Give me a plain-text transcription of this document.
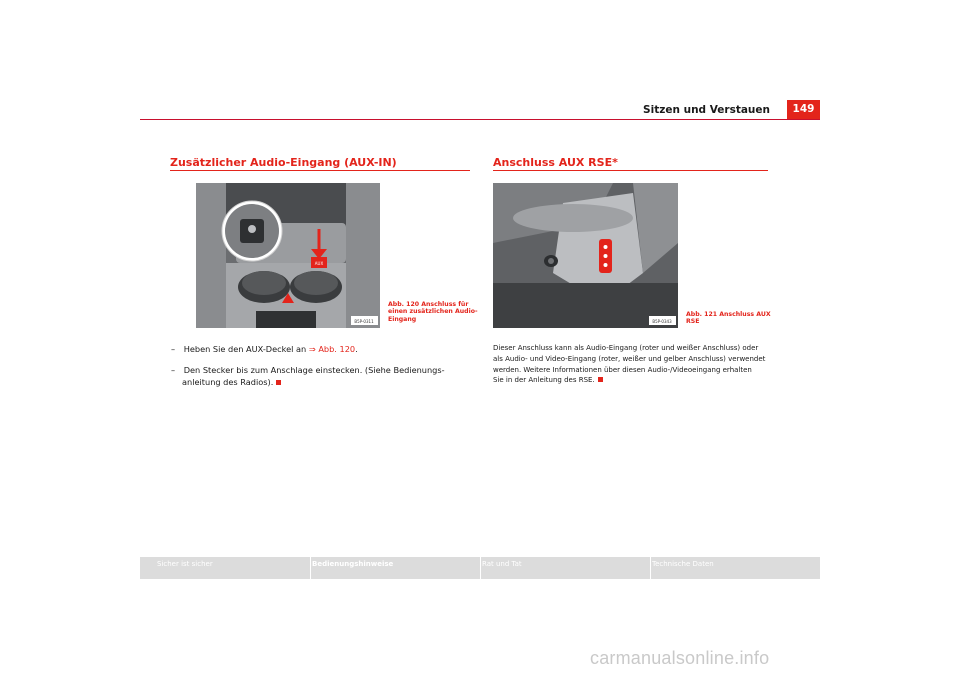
Sitzen und Verstauen	149
Zusätzlicher Audio-Eingang (AUX-IN)
AUX
B5P-0311
Abb. 120 Anschluss für
einen zusätzlichen Audio-
Eingang
– Heben Sie den AUX-Deckel an ⇒ Abb. 120.
– Den Stecker bis zum Anschlage einstecken. (Siehe Bedienungs-
anleitung des Radios).
Anschluss AUX RSE*
B5P-0343
Abb. 121 Anschluss AUX
RSE
Dieser Anschluss kann als Audio-Eingang (roter und weißer Anschluss) oder
als Audio- und Video-Eingang (roter, weißer und gelber Anschluss) verwendet
werden. Weitere Informationen über diesen Audio-/Videoeingang erhalten
Sie in der Anleitung des RSE.
Sicher ist sicher	Bedienungshinweise	Rat und Tat	Technische Daten
carmanualsonline.info
